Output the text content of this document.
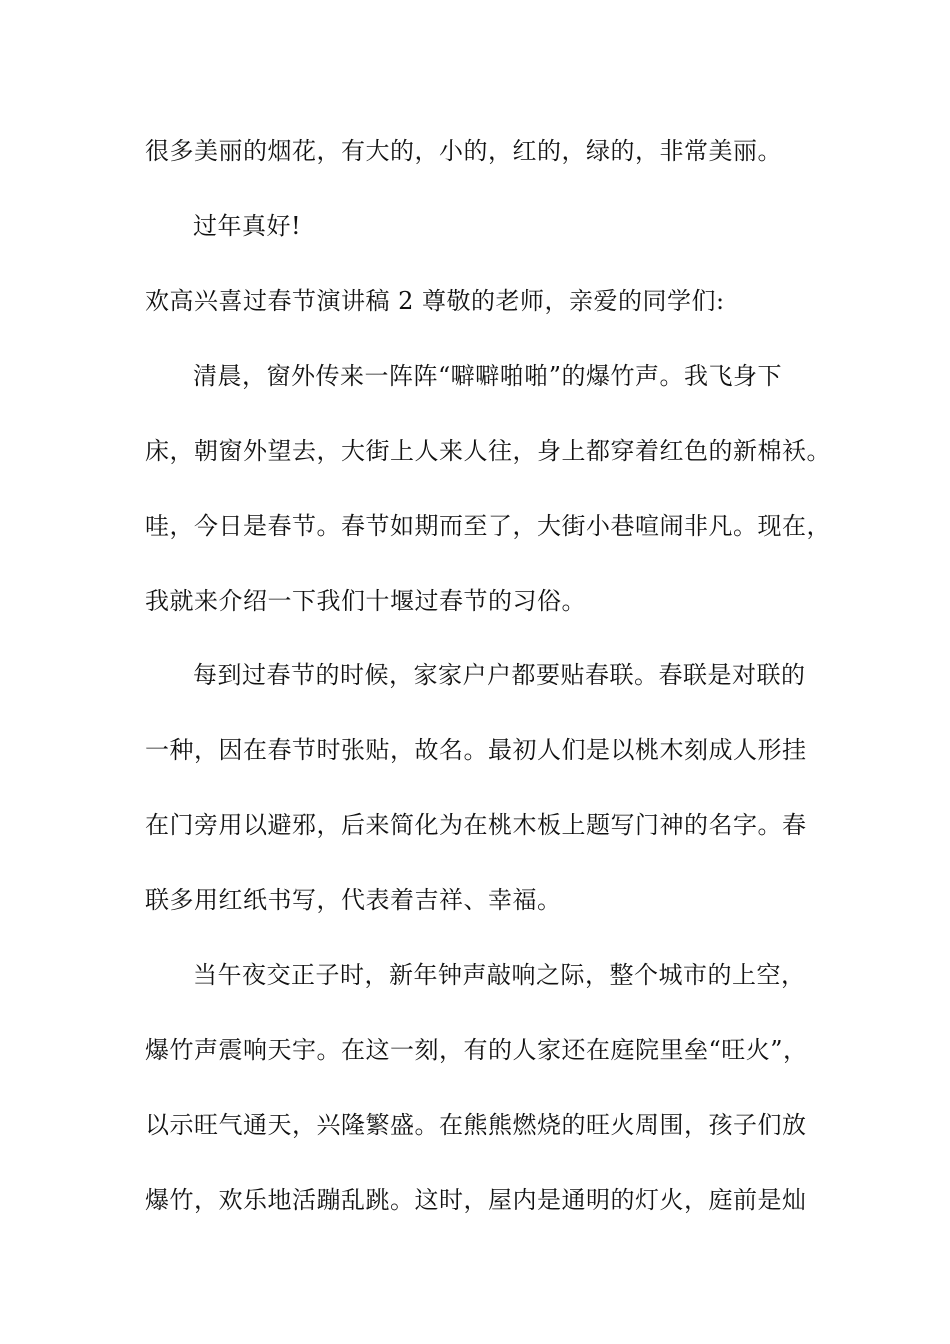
很多美丽的烟花，有大的，小的，红的，绿的，非常美丽。
过年真好!
欢高兴喜过春节演讲稿 2 尊敬的老师，亲爱的同学们:
清晨，窗外传来一阵阵“噼噼啪啪”的爆竹声。我飞身下
床，朝窗外望去，大街上人来人往，身上都穿着红色的新棉袄。
哇，今日是春节。春节如期而至了，大街小巷喧闹非凡。现在，
我就来介绍一下我们十堰过春节的习俗。
每到过春节的时候，家家户户都要贴春联。春联是对联的
一种，因在春节时张贴，故名。最初人们是以桃木刻成人形挂
在门旁用以避邪，后来简化为在桃木板上题写门神的名字。春
联多用红纸书写，代表着吉祥、幸福。
当午夜交正子时，新年钟声敲响之际，整个城市的上空，
爆竹声震响天宇。在这一刻，有的人家还在庭院里垒“旺火”，
以示旺气通天，兴隆繁盛。在熊熊燃烧的旺火周围，孩子们放
爆竹，欢乐地活蹦乱跳。这时，屋内是通明的灯火，庭前是灿
